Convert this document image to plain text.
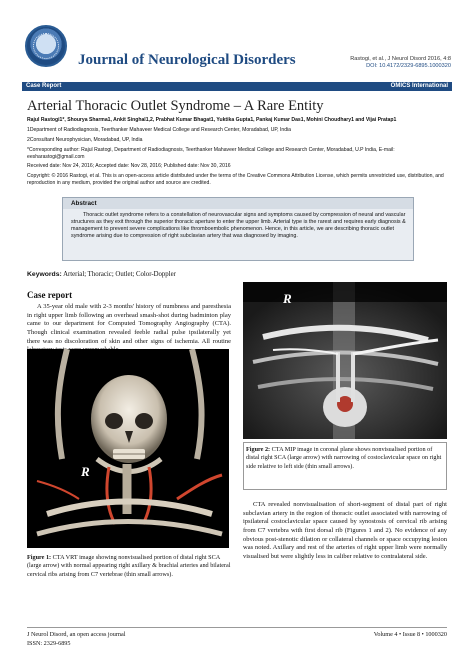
Journal of Neurological Disorders	Rastogi, et al., J Neurol Disord 2016, 4:8
DOI: 10.4172/2329-6895.1000320
Case Report	OMICS International
Arterial Thoracic Outlet Syndrome – A Rare Entity
Rajul Rastogi1*, Shourya Sharma1, Ankit Singhal1,2, Prabhat Kumar Bhagat1, Yuktika Gupta1, Pankaj Kumar Das1, Mohini Choudhary1 and Vijai Pratap1
1Department of Radiodiagnosis, Teerthanker Mahaveer Medical College and Research Center, Moradabad, UP, India
2Consultant Neurophysician, Moradabad, UP, India
*Corresponding author: Rajul Rastogi, Department of Radiodiagnosis, Teerthanker Mahaveer Medical College and Research Center, Moradabad, U.P India, E-mail: eesharastogi@gmail.com
Received date: Nov 24, 2016; Accepted date: Nov 28, 2016; Published date: Nov 30, 2016
Copyright: © 2016 Rastogi, et al. This is an open-access article distributed under the terms of the Creative Commons Attribution License, which permits unrestricted use, distribution, and reproduction in any medium, provided the original author and source are credited.
Abstract
Thoracic outlet syndrome refers to a constellation of neurovascular signs and symptoms caused by compression of neural and vascular structures as they exit through the superior thoracic aperture to enter the upper limb. Arterial type is the rarest and requires early diagnosis & management to prevent severe complications like thromboembolic phenomenon. Hence, in this article, we are describing thoracic outlet syndrome arising due to compression of right subclavian artery that was diagnosed by imaging.
Keywords: Arterial; Thoracic; Outlet; Color-Doppler
Case report
A 35-year old male with 2-3 months' history of numbness and paresthesia in right upper limb following an overhead smash-shot during badminton play came to our department for Computed Tomography Angiography (CTA). Though clinical examination revealed feeble radial pulse ipsilaterally yet there was no discoloration of skin and other signs of ischemia. All routine
R
Figure 1: CTA VRT image showing nonvisualised portion of distal right SCA (large arrow) with normal appearing right axillary & brachial arteries and bilateral cervical ribs arising from C7 vertebrae (thin small arrows).
R
Figure 2: CTA MIP image in coronal plane shows nonvisualised portion of distal right SCA (large arrow) with narrowing of costoclavicular space on right side relative to left side (thin small arrows).
CTA revealed nonvisualisation of short-segment of distal part of right subclavian artery in the region of thoracic outlet associated with narrowing of ipsilateral costoclavicular space caused by synostosis of cervical rib arising from C7 vertebra with first dorsal rib (Figures 1 and 2). No evidence of any obvious post-stenotic dilation or collateral channels or space occupying lesion was noted. Axillary and rest of the arteries of right upper limb were normally visualised but were slightly less in caliber relative to contralateral side.
J Neurol Disord, an open access journal
ISSN: 2329-6895
Volume 4 • Issue 8 • 1000320
